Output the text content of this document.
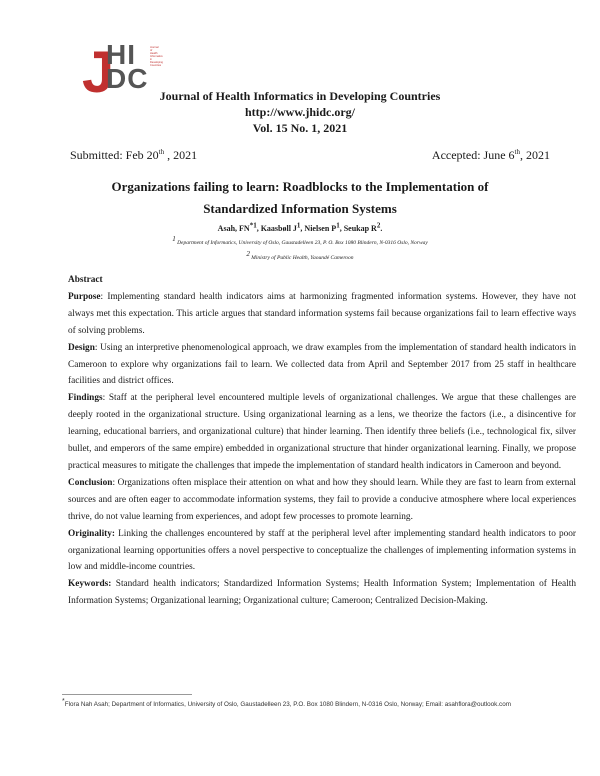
J
HI
DC
Journal of Health
Informatics in
Developing Countries
Journal of Health Informatics in Developing Countries
http://www.jhidc.org/
Vol. 15 No. 1, 2021
Submitted: Feb 20th , 2021	Accepted: June 6th, 2021
Organizations failing to learn: Roadblocks to the Implementation of
Standardized Information Systems
Asah, FN$^{*1}$, Kaasbøll $J^1$, Nielsen $P^1$, Seukap $R^2$.
$^1$ Department of Informatics, University of Oslo, Gaustadelleen 23, P. O. Box 1080 Blindern, N-0316 Oslo, Norway
$^2$ Ministry of Public Health, Yaoundé Cameroon

Abstract

Purpose: Implementing standard health indicators aims at harmonizing fragmented information systems. However, they have not always met this expectation. This article argues that standard information systems fail because organizations fail to learn effective ways of solving problems.

Design: Using an interpretive phenomenological approach, we draw examples from the implementation of standard health indicators in Cameroon to explore why organizations fail to learn. We collected data from April and September 2017 from 25 staff in healthcare facilities and district offices.

Findings: Staff at the peripheral level encountered multiple levels of organizational challenges. We argue that these challenges are deeply rooted in the organizational structure. Using organizational learning as a lens, we theorize the factors (i.e., a disincentive for learning, educational barriers, and organizational culture) that hinder learning. Then identify three beliefs (i.e., technological fix, silver bullet, and emperors of the same empire) embedded in organizational structure that hinder organizational learning. Finally, we propose practical measures to mitigate the challenges that impede the implementation of standard health indicators in Cameroon and beyond.

Conclusion: Organizations often misplace their attention on what and how they should learn. While they are fast to learn from external sources and are often eager to accommodate information systems, they fail to provide a conducive atmosphere where local experiences thrive, do not value learning from experiences, and adopt few processes to promote learning.

Originality: Linking the challenges encountered by staff at the peripheral level after implementing standard health indicators to poor organizational learning opportunities offers a novel perspective to conceptualize the challenges of implementing information systems in low and middle-income countries.

Keywords: Standard health indicators; Standardized Information Systems; Health Information System; Implementation of Health Information Systems; Organizational learning; Organizational culture; Cameroon; Centralized Decision-Making.

*Flora Nah Asah; Department of Informatics, University of Oslo, Gaustadelleen 23, P.O. Box 1080 Blindern, N-0316 Oslo, Norway; Email: asahflora@outlook.com
